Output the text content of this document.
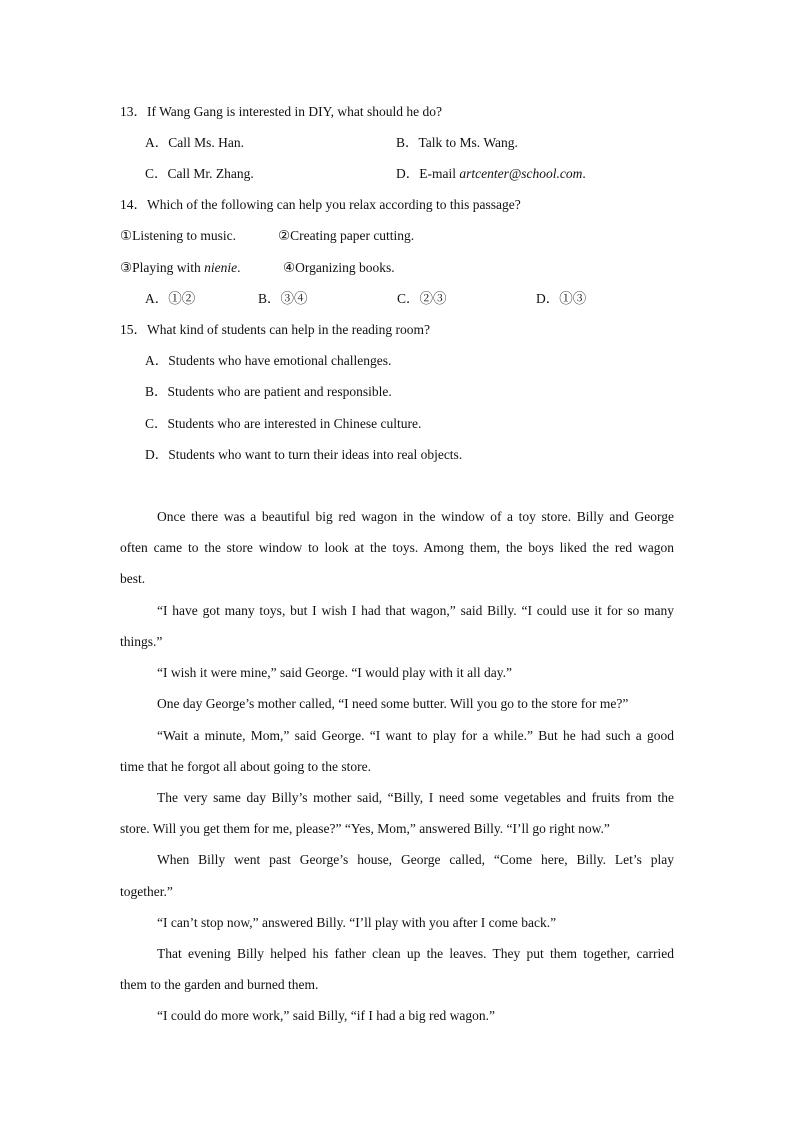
13．If Wang Gang is interested in DIY, what should he do?
A．Call Ms. Han.	B．Talk to Ms. Wang.
C．Call Mr. Zhang.	D．E-mail artcenter@school.com.
14．Which of the following can help you relax according to this passage?
①Listening to music.	②Creating paper cutting.
③Playing with nienie.	④Organizing books.
A．①②	B．③④	C．②③	D．①③
15．What kind of students can help in the reading room?
A．Students who have emotional challenges.
B．Students who are patient and responsible.
C．Students who are interested in Chinese culture.
D．Students who want to turn their ideas into real objects.
Once there was a beautiful big red wagon in the window of a toy store. Billy and George
often came to the store window to look at the toys. Among them, the boys liked the red wagon
best.
“I have got many toys, but I wish I had that wagon,” said Billy. “I could use it for so many
things.”
“I wish it were mine,” said George. “I would play with it all day.”
One day George’s mother called, “I need some butter. Will you go to the store for me?”
“Wait a minute, Mom,” said George. “I want to play for a while.” But he had such a good
time that he forgot all about going to the store.
The very same day Billy’s mother said, “Billy, I need some vegetables and fruits from the
store. Will you get them for me, please?” “Yes, Mom,” answered Billy. “I’ll go right now.”
When Billy went past George’s house, George called, “Come here, Billy. Let’s play
together.”
“I can’t stop now,” answered Billy. “I’ll play with you after I come back.”
That evening Billy helped his father clean up the leaves. They put them together, carried
them to the garden and burned them.
“I could do more work,” said Billy, “if I had a big red wagon.”
